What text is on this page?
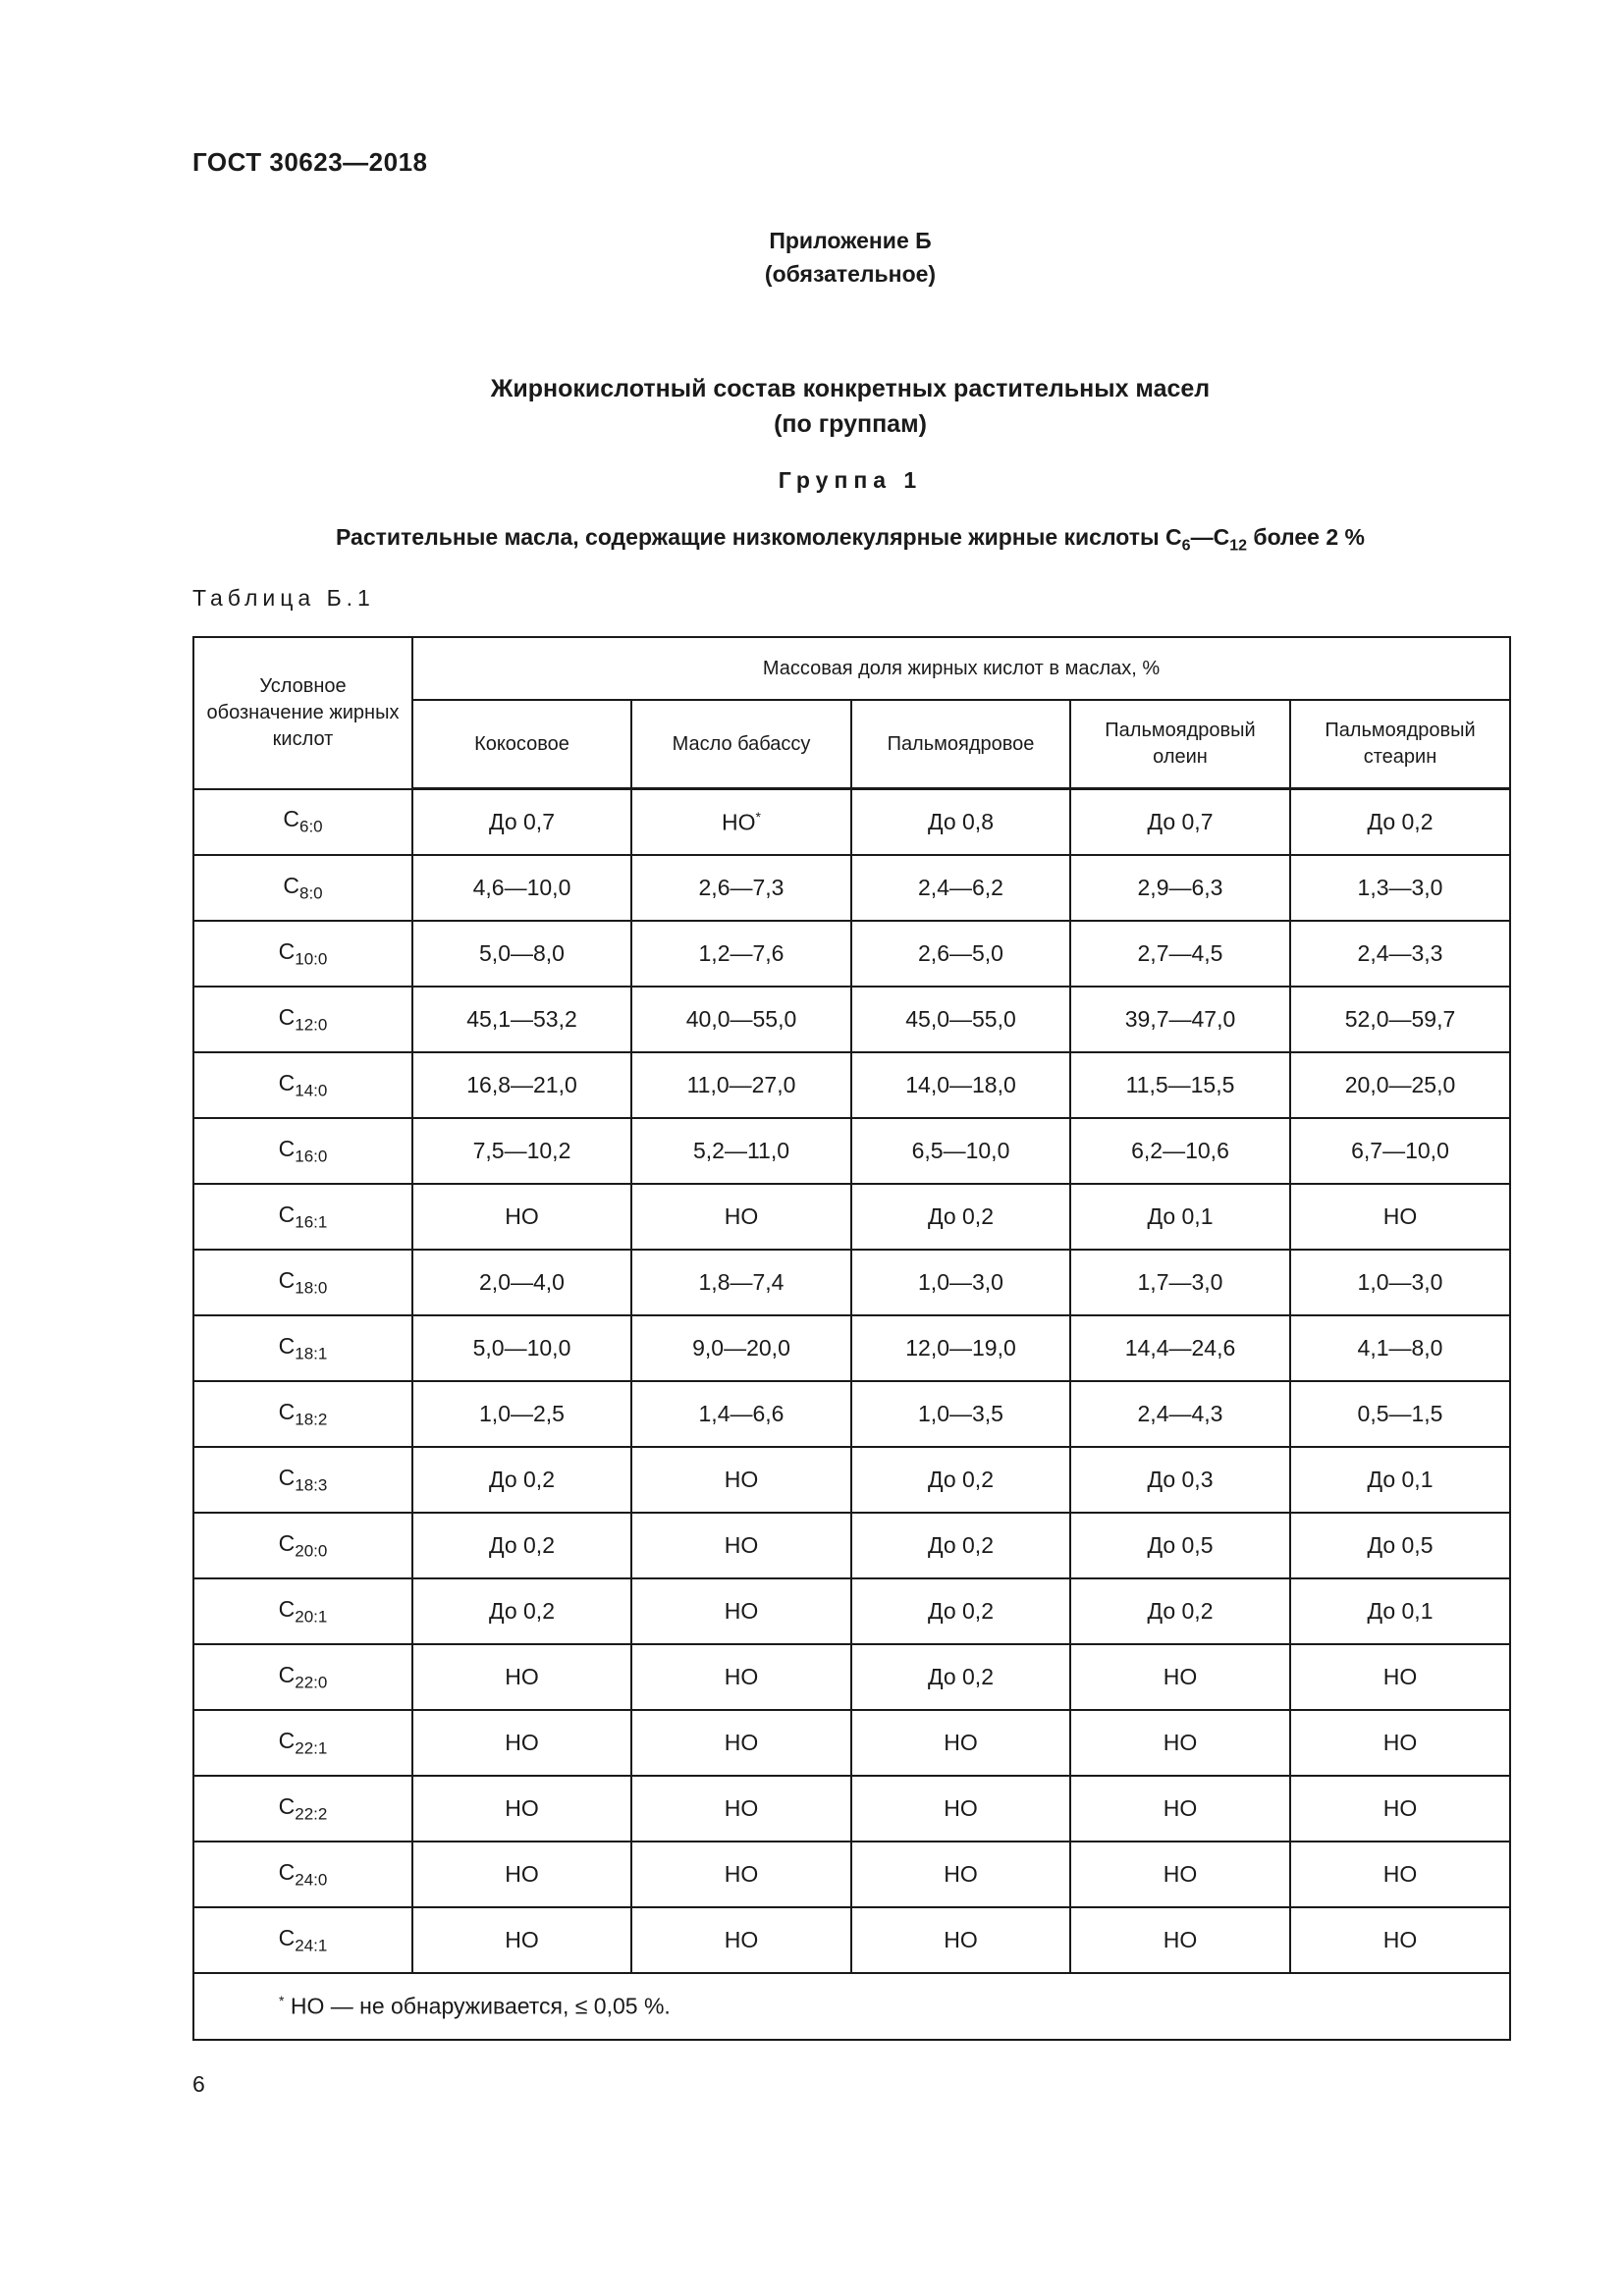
ГОСТ 30623—2018
Приложение Б
(обязательное)
Жирнокислотный состав конкретных растительных масел
(по группам)
Группа 1
Растительные масла, содержащие низкомолекулярные жирные кислоты $С_6—С_{12}$ более 2 %
Таблица Б.1
Условное обозначение жирных кислот	Массовая доля жирных кислот в маслах, %				
	Кокосовое	Масло бабассу	Пальмоядровое	Пальмоядровый олеин	Пальмоядровый стеарин
$С_{6:0}$	До 0,7	НО*	До 0,8	До 0,7	До 0,2
$С_{8:0}$	4,6—10,0	2,6—7,3	2,4—6,2	2,9—6,3	1,3—3,0
$С_{10:0}$	5,0—8,0	1,2—7,6	2,6—5,0	2,7—4,5	2,4—3,3
$С_{12:0}$	45,1—53,2	40,0—55,0	45,0—55,0	39,7—47,0	52,0—59,7
$С_{14:0}$	16,8—21,0	11,0—27,0	14,0—18,0	11,5—15,5	20,0—25,0
$С_{16:0}$	7,5—10,2	5,2—11,0	6,5—10,0	6,2—10,6	6,7—10,0
$С_{16:1}$	НО	НО	До 0,2	До 0,1	НО
$С_{18:0}$	2,0—4,0	1,8—7,4	1,0—3,0	1,7—3,0	1,0—3,0
$С_{18:1}$	5,0—10,0	9,0—20,0	12,0—19,0	14,4—24,6	4,1—8,0
$С_{18:2}$	1,0—2,5	1,4—6,6	1,0—3,5	2,4—4,3	0,5—1,5
$С_{18:3}$	До 0,2	НО	До 0,2	До 0,3	До 0,1
$С_{20:0}$	До 0,2	НО	До 0,2	До 0,5	До 0,5
$С_{20:1}$	До 0,2	НО	До 0,2	До 0,2	До 0,1
$С_{22:0}$	НО	НО	До 0,2	НО	НО
$С_{22:1}$	НО	НО	НО	НО	НО
$С_{22:2}$	НО	НО	НО	НО	НО
$С_{24:0}$	НО	НО	НО	НО	НО
$С_{24:1}$	НО	НО	НО	НО	НО
* НО — не обнаруживается, ≤ 0,05 %.					
6
